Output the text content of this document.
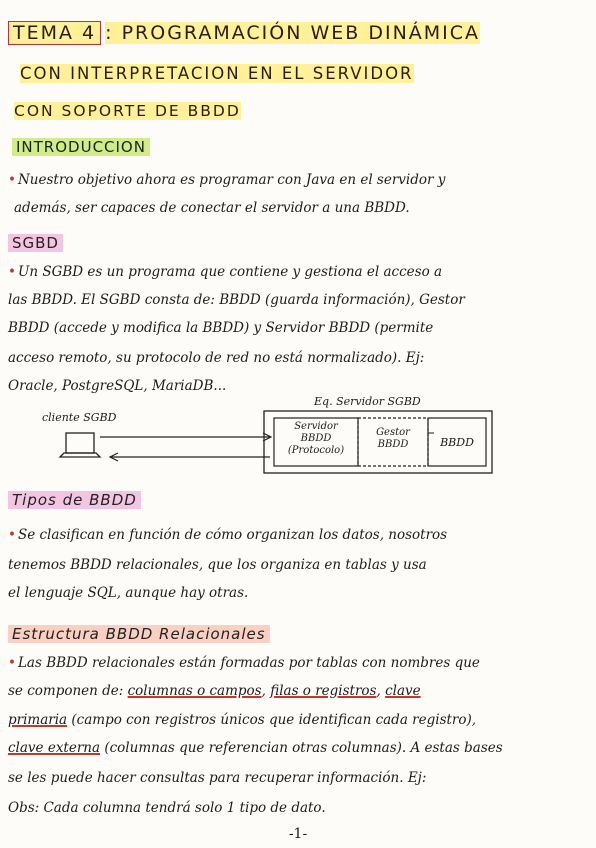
TEMA 4 : PROGRAMACIÓN WEB DINÁMICA
CON INTERPRETACION EN EL SERVIDOR
CON SOPORTE DE BBDD
INTRODUCCION
• Nuestro objetivo ahora es programar con Java en el servidor y
además, ser capaces de conectar el servidor a una BBDD.
SGBD
• Un SGBD es un programa que contiene y gestiona el acceso a
las BBDD. El SGBD consta de: BBDD (guarda información), Gestor
BBDD (accede y modifica la BBDD) y Servidor BBDD (permite
acceso remoto, su protocolo de red no está normalizado). Ej:
Oracle, PostgreSQL, MariaDB...
cliente SGBD
Eq. Servidor SGBD
Servidor
BBDD
(Protocolo)
Gestor
BBDD	BBDD
Tipos de BBDD
• Se clasifican en función de cómo organizan los datos, nosotros
tenemos BBDD relacionales, que los organiza en tablas y usa
el lenguaje SQL, aunque hay otras.
Estructura BBDD Relacionales
• Las BBDD relacionales están formadas por tablas con nombres que
se componen de: columnas o campos, filas o registros, clave
primaria (campo con registros únicos que identifican cada registro),
clave externa (columnas que referencian otras columnas). A estas bases
se les puede hacer consultas para recuperar información. Ej:
Obs: Cada columna tendrá solo 1 tipo de dato.
-1-
